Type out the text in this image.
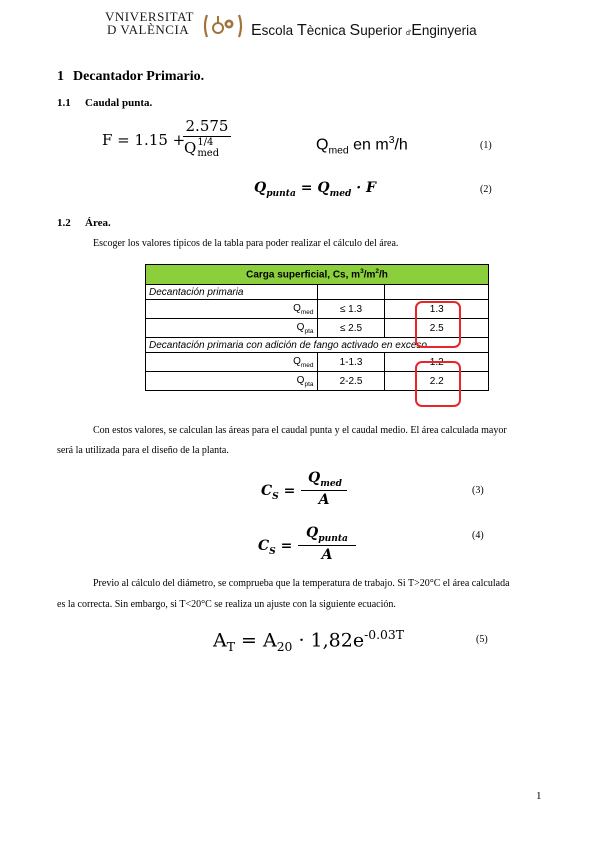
VNIVERSITAT
D VALÈNCIA	Escola Tècnica Superior d'Enginyeria
1 Decantador Primario.
1.1 Caudal punta.
F = 1.15 +
2.575
Q 1/4
med
$Q_{med}$ en $m^3/h$	(1)
$Q_{punta} = Q_{med} \cdot F$	(2)
1.2 Área.
Escoger los valores típicos de la tabla para poder realizar el cálculo del área.
Carga superficial, Cs, $m^3/m^2/h$		
Decantación primaria		
$Q_{med}$	≤ 1.3	1.3
$Q_{pta}$	≤ 2.5	2.5
Decantación primaria con adición de fango activado en exceso		
$Q_{med}$	1-1.3	1.2
$Q_{pta}$	2-2.5	2.2
Con estos valores, se calculan las áreas para el caudal punta y el caudal medio. El área calculada mayor
será la utilizada para el diseño de la planta.
$C_S$ =
$Q_{med}$
A
(3)
$C_S$ =
$Q_{punta}$
A
(4)
Previo al cálculo del diámetro, se comprueba que la temperatura de trabajo. Si T>20°C el área calculada
es la correcta. Sin embargo, si T<20°C se realiza un ajuste con la siguiente ecuación.
$A_T = A_{20} \cdot 1,82e^{-0.03T}$	(5)
1
